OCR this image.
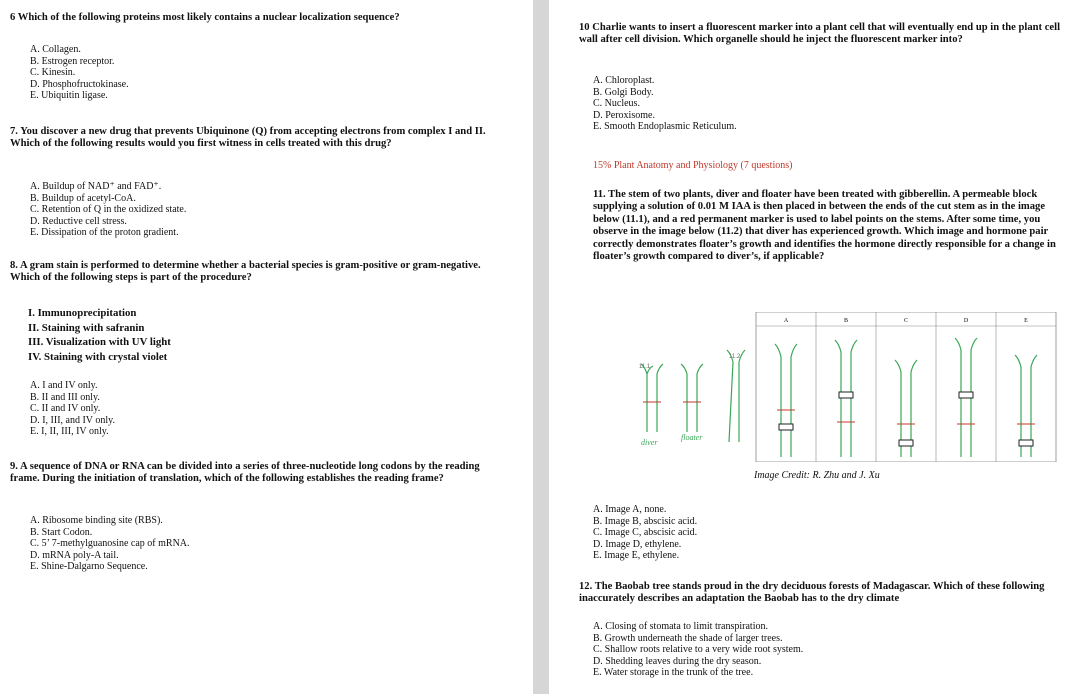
6 Which of the following proteins most likely contains a nuclear localization sequence?

A. Collagen.
B. Estrogen receptor.
C. Kinesin.
D. Phosphofructokinase.
E. Ubiquitin ligase.

7. You discover a new drug that prevents Ubiquinone (Q) from accepting electrons from complex I and II. Which of the following results would you first witness in cells treated with this drug?

A. Buildup of NAD⁺ and FAD⁺.
B. Buildup of acetyl-CoA.
C. Retention of Q in the oxidized state.
D. Reductive cell stress.
E. Dissipation of the proton gradient.

8. A gram stain is performed to determine whether a bacterial species is gram-positive or gram-negative. Which of the following steps is part of the procedure?

I. Immunoprecipitation
II. Staining with safranin
III. Visualization with UV light
IV. Staining with crystal violet
A. I and IV only.
B. II and III only.
C. II and IV only.
D. I, III, and IV only.
E. I, II, III, IV only.

9. A sequence of DNA or RNA can be divided into a series of three-nucleotide long codons by the reading frame. During the initiation of translation, which of the following establishes the reading frame?

A. Ribosome binding site (RBS).
B. Start Codon.
C. 5’ 7-methylguanosine cap of mRNA.
D. mRNA poly-A tail.
E. Shine-Dalgarno Sequence.

10 Charlie wants to insert a fluorescent marker into a plant cell that will eventually end up in the plant cell wall after cell division. Which organelle should he inject the fluorescent marker into?

A. Chloroplast.
B. Golgi Body.
C. Nucleus.
D. Peroxisome.
E. Smooth Endoplasmic Reticulum.
15% Plant Anatomy and Physiology (7 questions)

11. The stem of two plants, diver and floater have been treated with gibberellin. A permeable block supplying a solution of 0.01 M IAA is then placed in between the ends of the cut stem as in the image below (11.1), and a red permanent marker is used to label points on the stems. After some time, you observe in the image below (11.2) that diver has experienced growth. Which image and hormone pair correctly demonstrates floater’s growth and identifies the hormone directly responsible for a change in floater’s growth compared to diver’s, if applicable?

11.1
11.2
diver
floater
A	B	C	D	E
Image Credit: R. Zhu and J. Xu
A. Image A, none.
B. Image B, abscisic acid.
C. Image C, abscisic acid.
D. Image D, ethylene.
E. Image E, ethylene.

12. The Baobab tree stands proud in the dry deciduous forests of Madagascar. Which of these following inaccurately describes an adaptation the Baobab has to the dry climate

A. Closing of stomata to limit transpiration.
B. Growth underneath the shade of larger trees.
C. Shallow roots relative to a very wide root system.
D. Shedding leaves during the dry season.
E. Water storage in the trunk of the tree.
